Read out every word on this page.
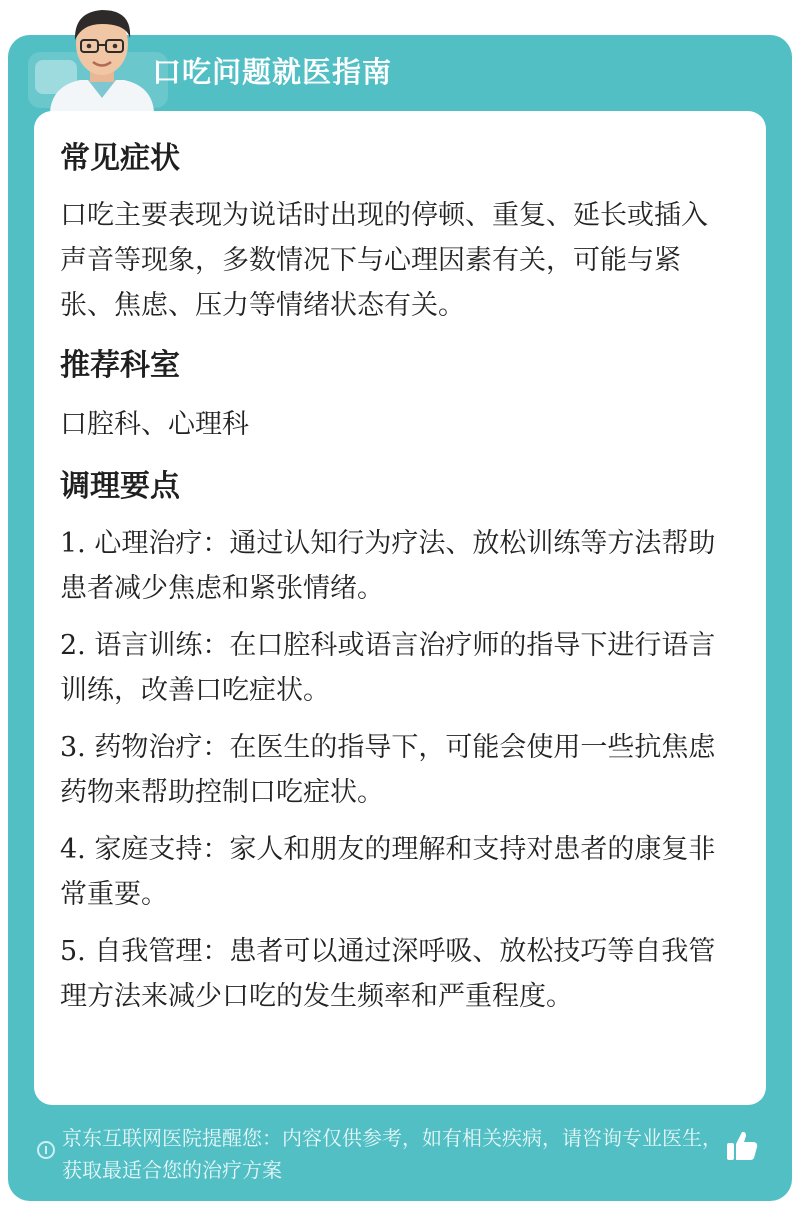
口吃问题就医指南
常见症状

口吃主要表现为说话时出现的停顿、重复、延长或插入声音等现象，多数情况下与心理因素有关，可能与紧张、焦虑、压力等情绪状态有关。

推荐科室

口腔科、心理科

调理要点
1. 心理治疗：通过认知行为疗法、放松训练等方法帮助患者减少焦虑和紧张情绪。
2. 语言训练：在口腔科或语言治疗师的指导下进行语言训练，改善口吃症状。
3. 药物治疗：在医生的指导下，可能会使用一些抗焦虑药物来帮助控制口吃症状。
4. 家庭支持：家人和朋友的理解和支持对患者的康复非常重要。
5. 自我管理：患者可以通过深呼吸、放松技巧等自我管理方法来减少口吃的发生频率和严重程度。
京东互联网医院提醒您：内容仅供参考，如有相关疾病，请咨询专业医生，获取最适合您的治疗方案
